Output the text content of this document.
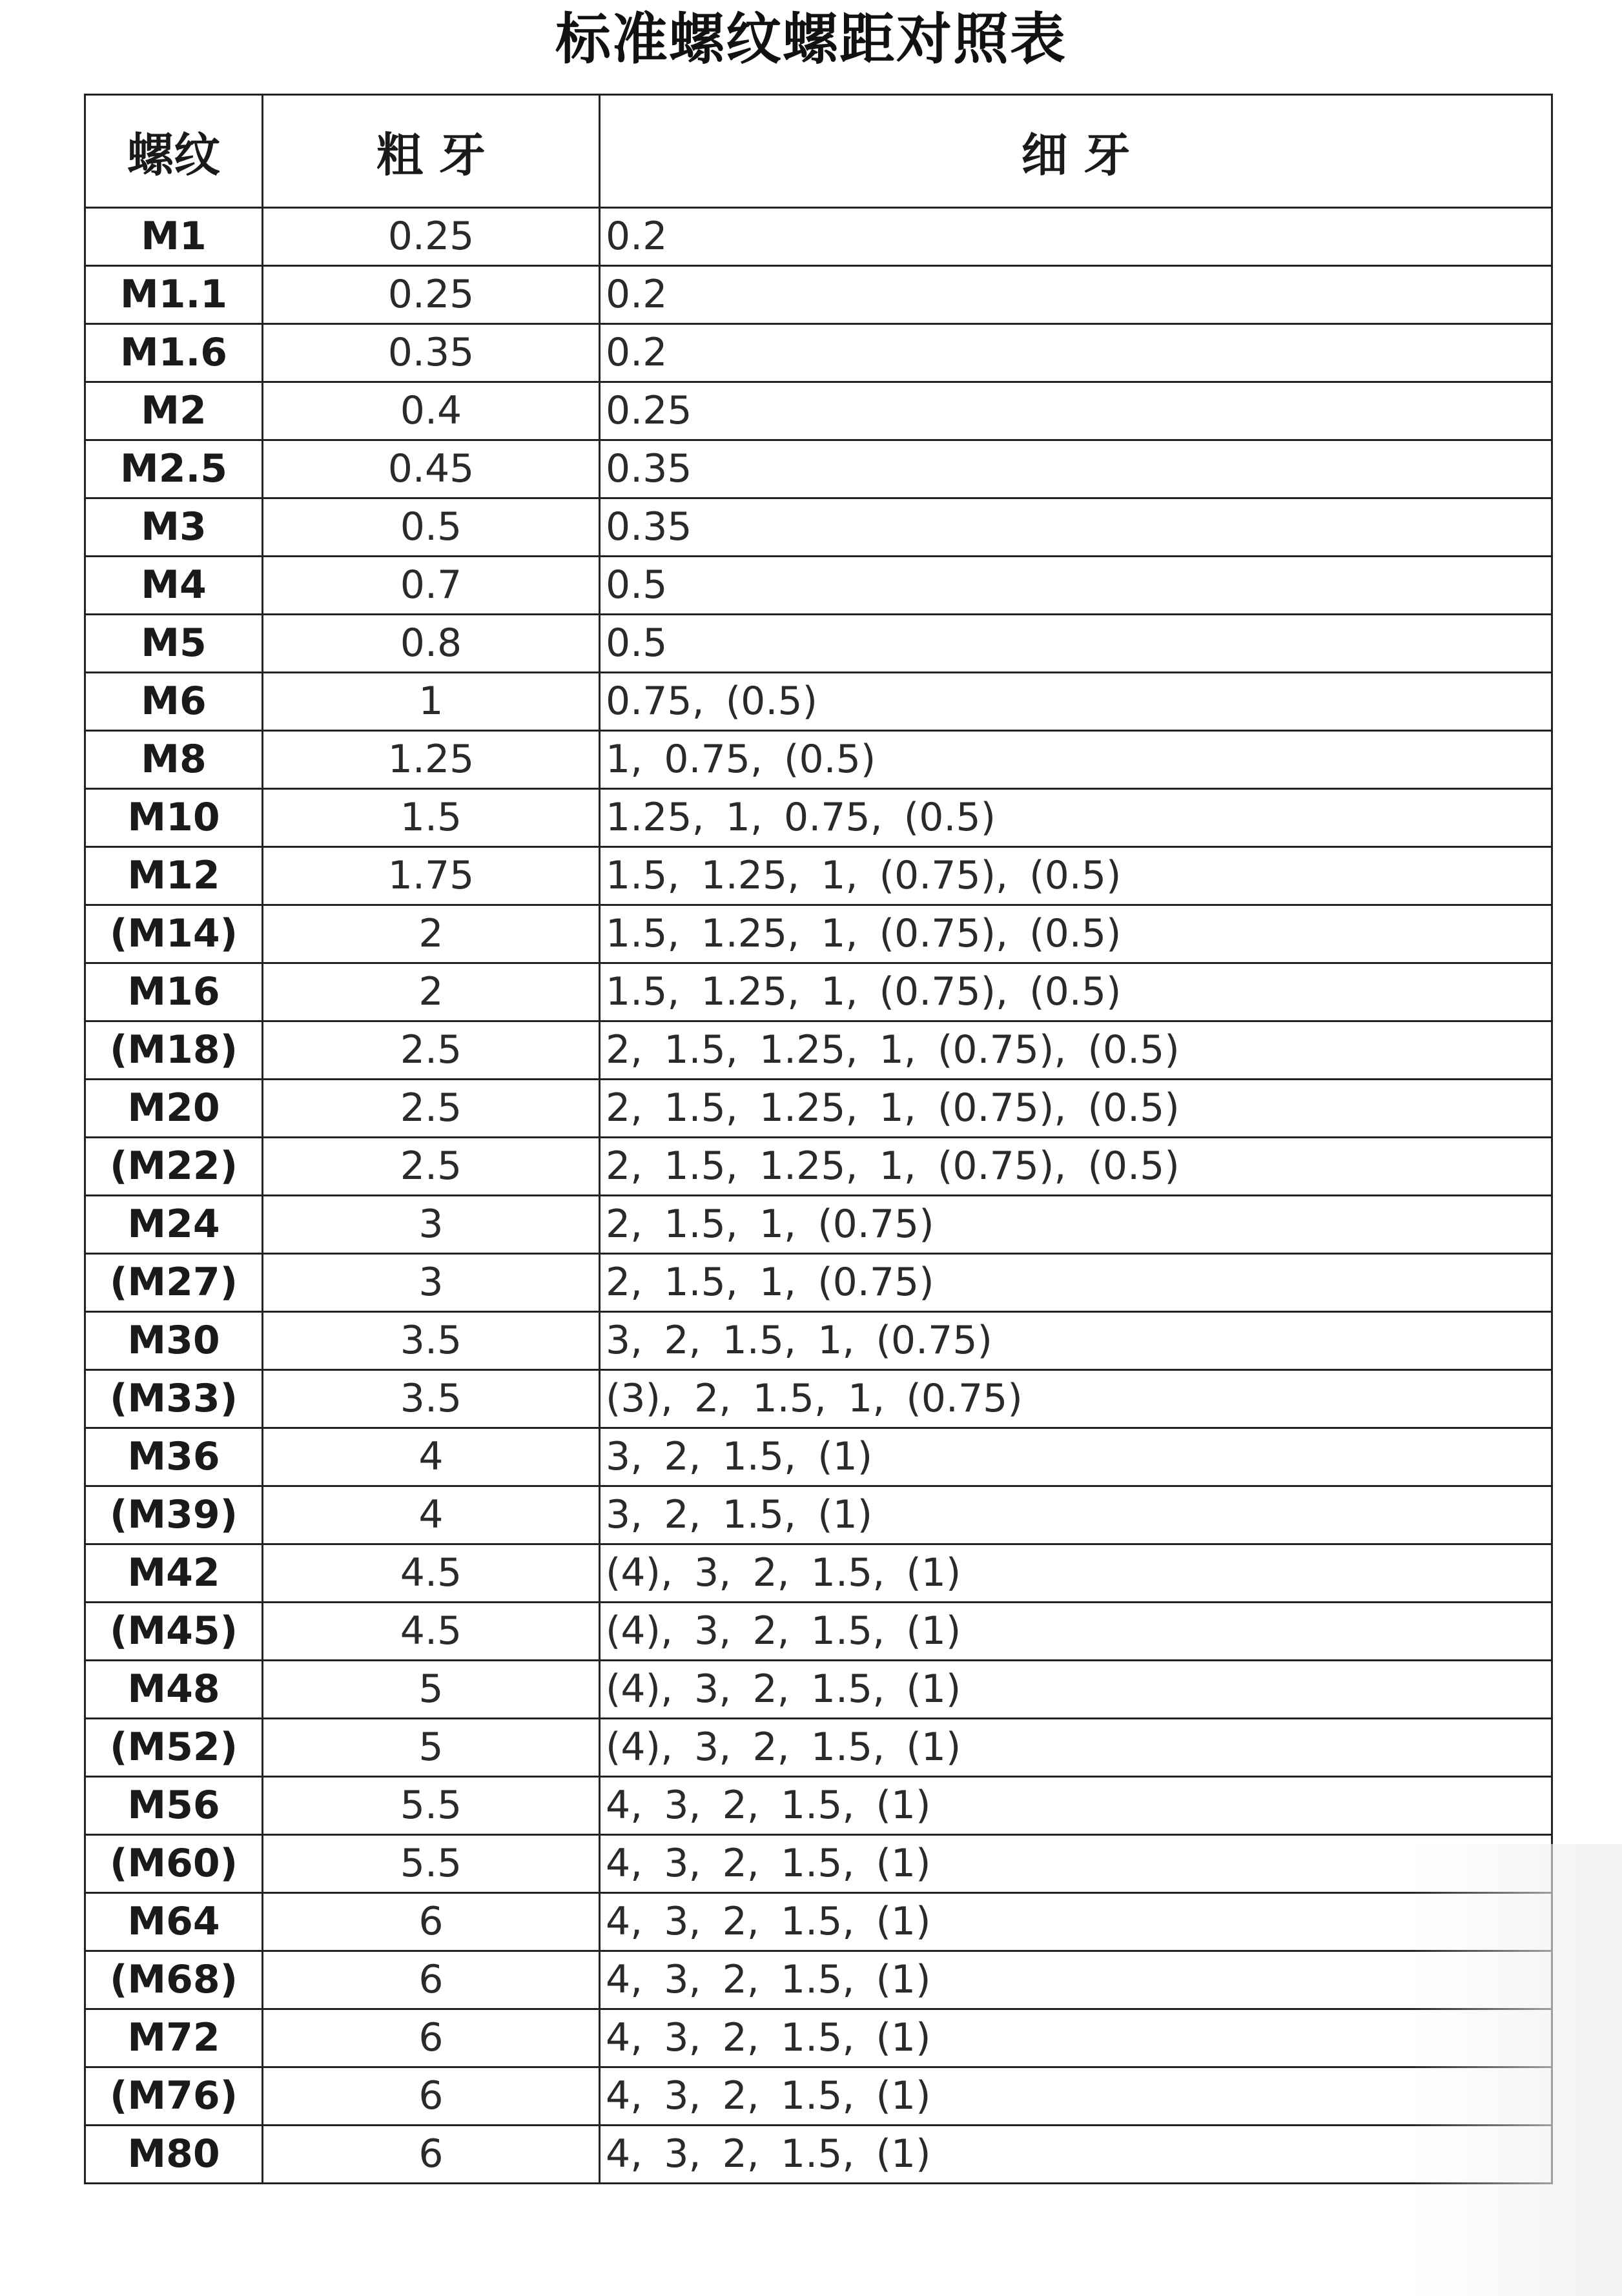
标准螺纹螺距对照表
螺纹	粗 牙	细 牙
M1	0.25	0.2
M1.1	0.25	0.2
M1.6	0.35	0.2
M2	0.4	0.25
M2.5	0.45	0.35
M3	0.5	0.35
M4	0.7	0.5
M5	0.8	0.5
M6	1	0.75, (0.5)
M8	1.25	1, 0.75, (0.5)
M10	1.5	1.25, 1, 0.75, (0.5)
M12	1.75	1.5, 1.25, 1, (0.75), (0.5)
(M14)	2	1.5, 1.25, 1, (0.75), (0.5)
M16	2	1.5, 1.25, 1, (0.75), (0.5)
(M18)	2.5	2, 1.5, 1.25, 1, (0.75), (0.5)
M20	2.5	2, 1.5, 1.25, 1, (0.75), (0.5)
(M22)	2.5	2, 1.5, 1.25, 1, (0.75), (0.5)
M24	3	2, 1.5, 1, (0.75)
(M27)	3	2, 1.5, 1, (0.75)
M30	3.5	3, 2, 1.5, 1, (0.75)
(M33)	3.5	(3), 2, 1.5, 1, (0.75)
M36	4	3, 2, 1.5, (1)
(M39)	4	3, 2, 1.5, (1)
M42	4.5	(4), 3, 2, 1.5, (1)
(M45)	4.5	(4), 3, 2, 1.5, (1)
M48	5	(4), 3, 2, 1.5, (1)
(M52)	5	(4), 3, 2, 1.5, (1)
M56	5.5	4, 3, 2, 1.5, (1)
(M60)	5.5	4, 3, 2, 1.5, (1)
M64	6	4, 3, 2, 1.5, (1)
(M68)	6	4, 3, 2, 1.5, (1)
M72	6	4, 3, 2, 1.5, (1)
(M76)	6	4, 3, 2, 1.5, (1)
M80	6	4, 3, 2, 1.5, (1)
